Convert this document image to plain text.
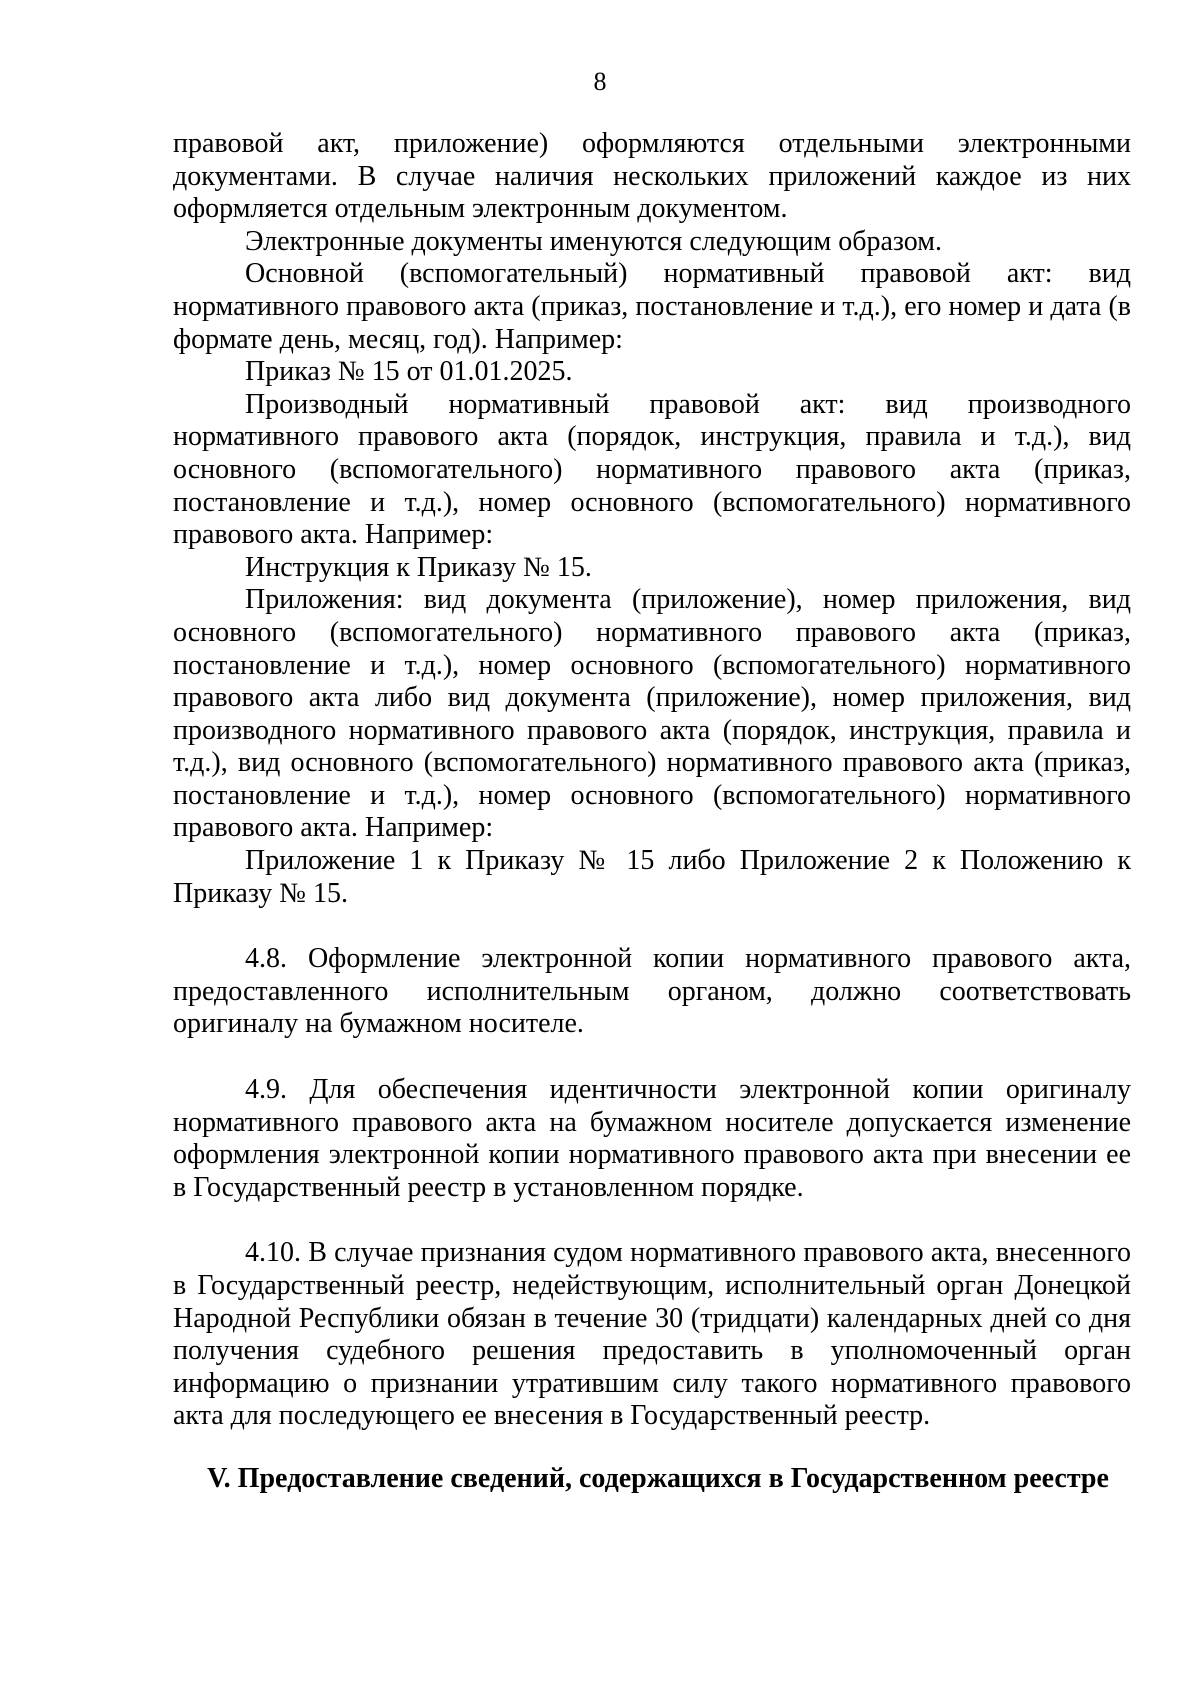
8

правовой акт, приложение) оформляются отдельными электронными документами. В случае наличия нескольких приложений каждое из них оформляется отдельным электронным документом.

Электронные документы именуются следующим образом.

Основной (вспомогательный) нормативный правовой акт: вид нормативного правового акта (приказ, постановление и т.д.), его номер и дата (в формате день, месяц, год). Например:

Приказ № 15 от 01.01.2025.

Производный нормативный правовой акт: вид производного нормативного правового акта (порядок, инструкция, правила и т.д.), вид основного (вспомогательного) нормативного правового акта (приказ, постановление и т.д.), номер основного (вспомогательного) нормативного правового акта. Например:

Инструкция к Приказу № 15.

Приложения: вид документа (приложение), номер приложения, вид основного (вспомогательного) нормативного правового акта (приказ, постановление и т.д.), номер основного (вспомогательного) нормативного правового акта либо вид документа (приложение), номер приложения, вид производного нормативного правового акта (порядок, инструкция, правила и т.д.), вид основного (вспомогательного) нормативного правового акта (приказ, постановление и т.д.), номер основного (вспомогательного) нормативного правового акта. Например:

Приложение 1 к Приказу № 15 либо Приложение 2 к Положению к Приказу № 15.

4.8. Оформление электронной копии нормативного правового акта, предоставленного исполнительным органом, должно соответствовать оригиналу на бумажном носителе.

4.9. Для обеспечения идентичности электронной копии оригиналу нормативного правового акта на бумажном носителе допускается изменение оформления электронной копии нормативного правового акта при внесении ее в Государственный реестр в установленном порядке.

4.10. В случае признания судом нормативного правового акта, внесенного в Государственный реестр, недействующим, исполнительный орган Донецкой Народной Республики обязан в течение 30 (тридцати) календарных дней со дня получения судебного решения предоставить в уполномоченный орган информацию о признании утратившим силу такого нормативного правового акта для последующего ее внесения в Государственный реестр.

V. Предоставление сведений, содержащихся в Государственном реестре
